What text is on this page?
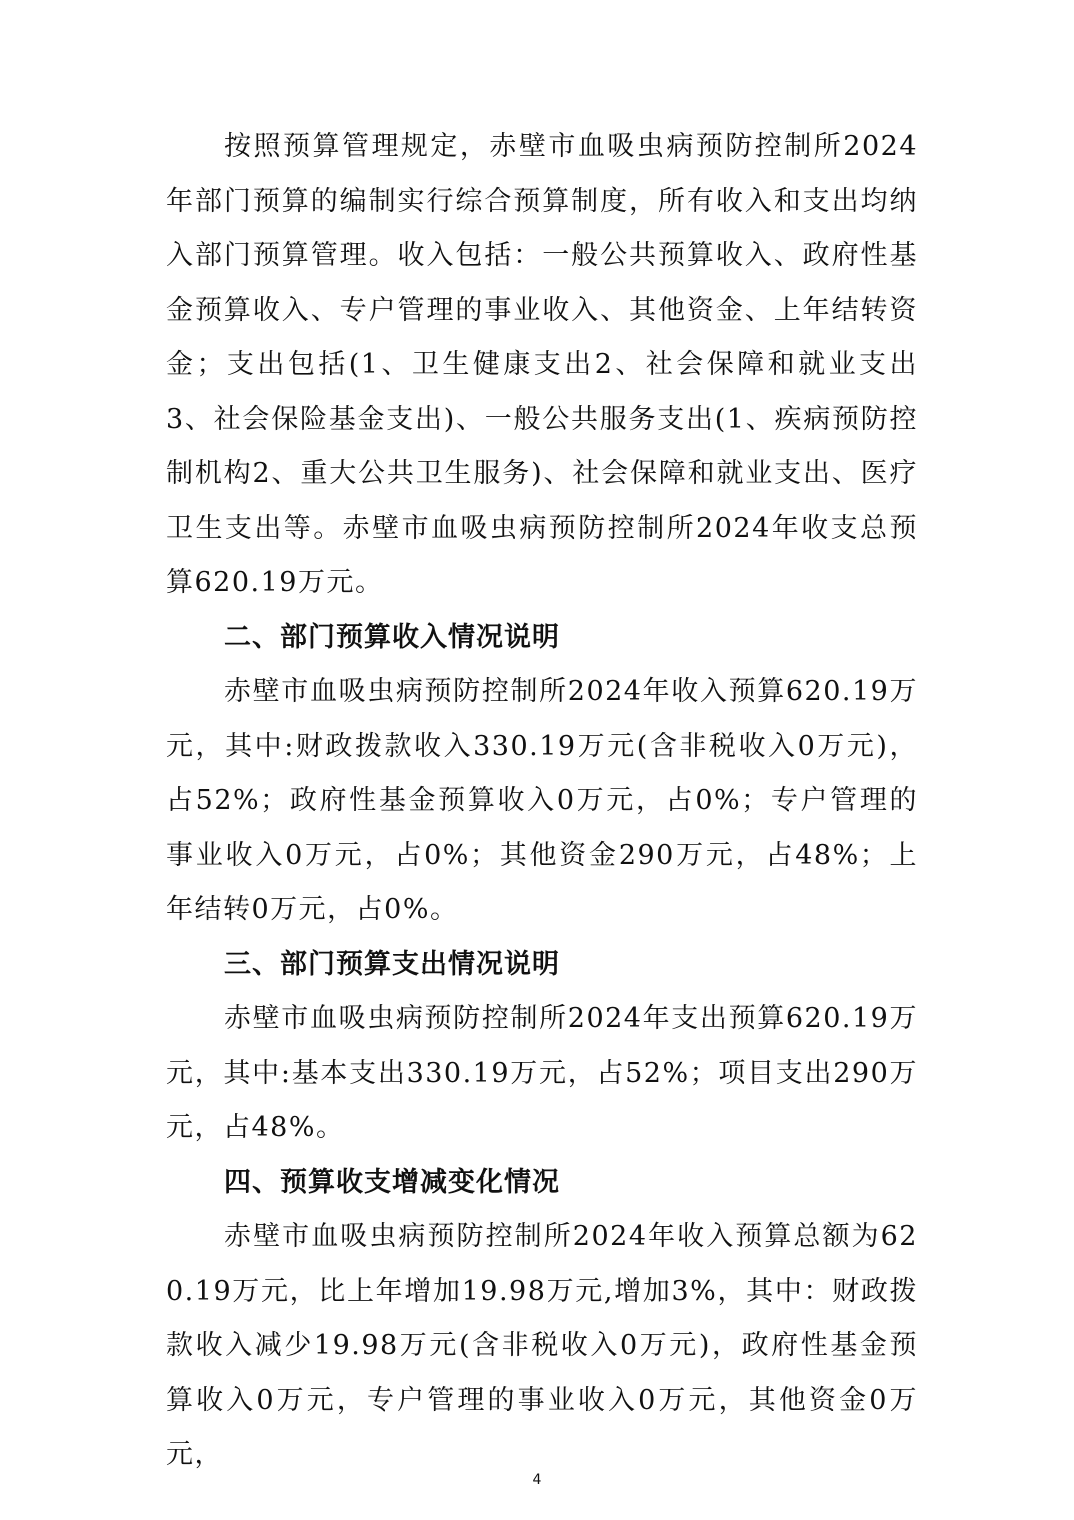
按照预算管理规定，赤壁市血吸虫病预防控制所2024年部门预算的编制实行综合预算制度，所有收入和支出均纳入部门预算管理。收入包括：一般公共预算收入、政府性基金预算收入、专户管理的事业收入、其他资金、上年结转资金；支出包括(1、卫生健康支出2、社会保障和就业支出3、社会保险基金支出)、一般公共服务支出(1、疾病预防控制机构2、重大公共卫生服务)、社会保障和就业支出、医疗卫生支出等。赤壁市血吸虫病预防控制所2024年收支总预算620.19万元。

二、部门预算收入情况说明

赤壁市血吸虫病预防控制所2024年收入预算620.19万元，其中:财政拨款收入330.19万元(含非税收入0万元)，占52%；政府性基金预算收入0万元，占0%；专户管理的事业收入0万元，占0%；其他资金290万元，占48%；上年结转0万元，占0%。

三、部门预算支出情况说明

赤壁市血吸虫病预防控制所2024年支出预算620.19万元，其中:基本支出330.19万元，占52%；项目支出290万元，占48%。

四、预算收支增减变化情况

赤壁市血吸虫病预防控制所2024年收入预算总额为620.19万元，比上年增加19.98万元,增加3%，其中：财政拨款收入减少19.98万元(含非税收入0万元)，政府性基金预算收入0万元，专户管理的事业收入0万元，其他资金0万元，

4
